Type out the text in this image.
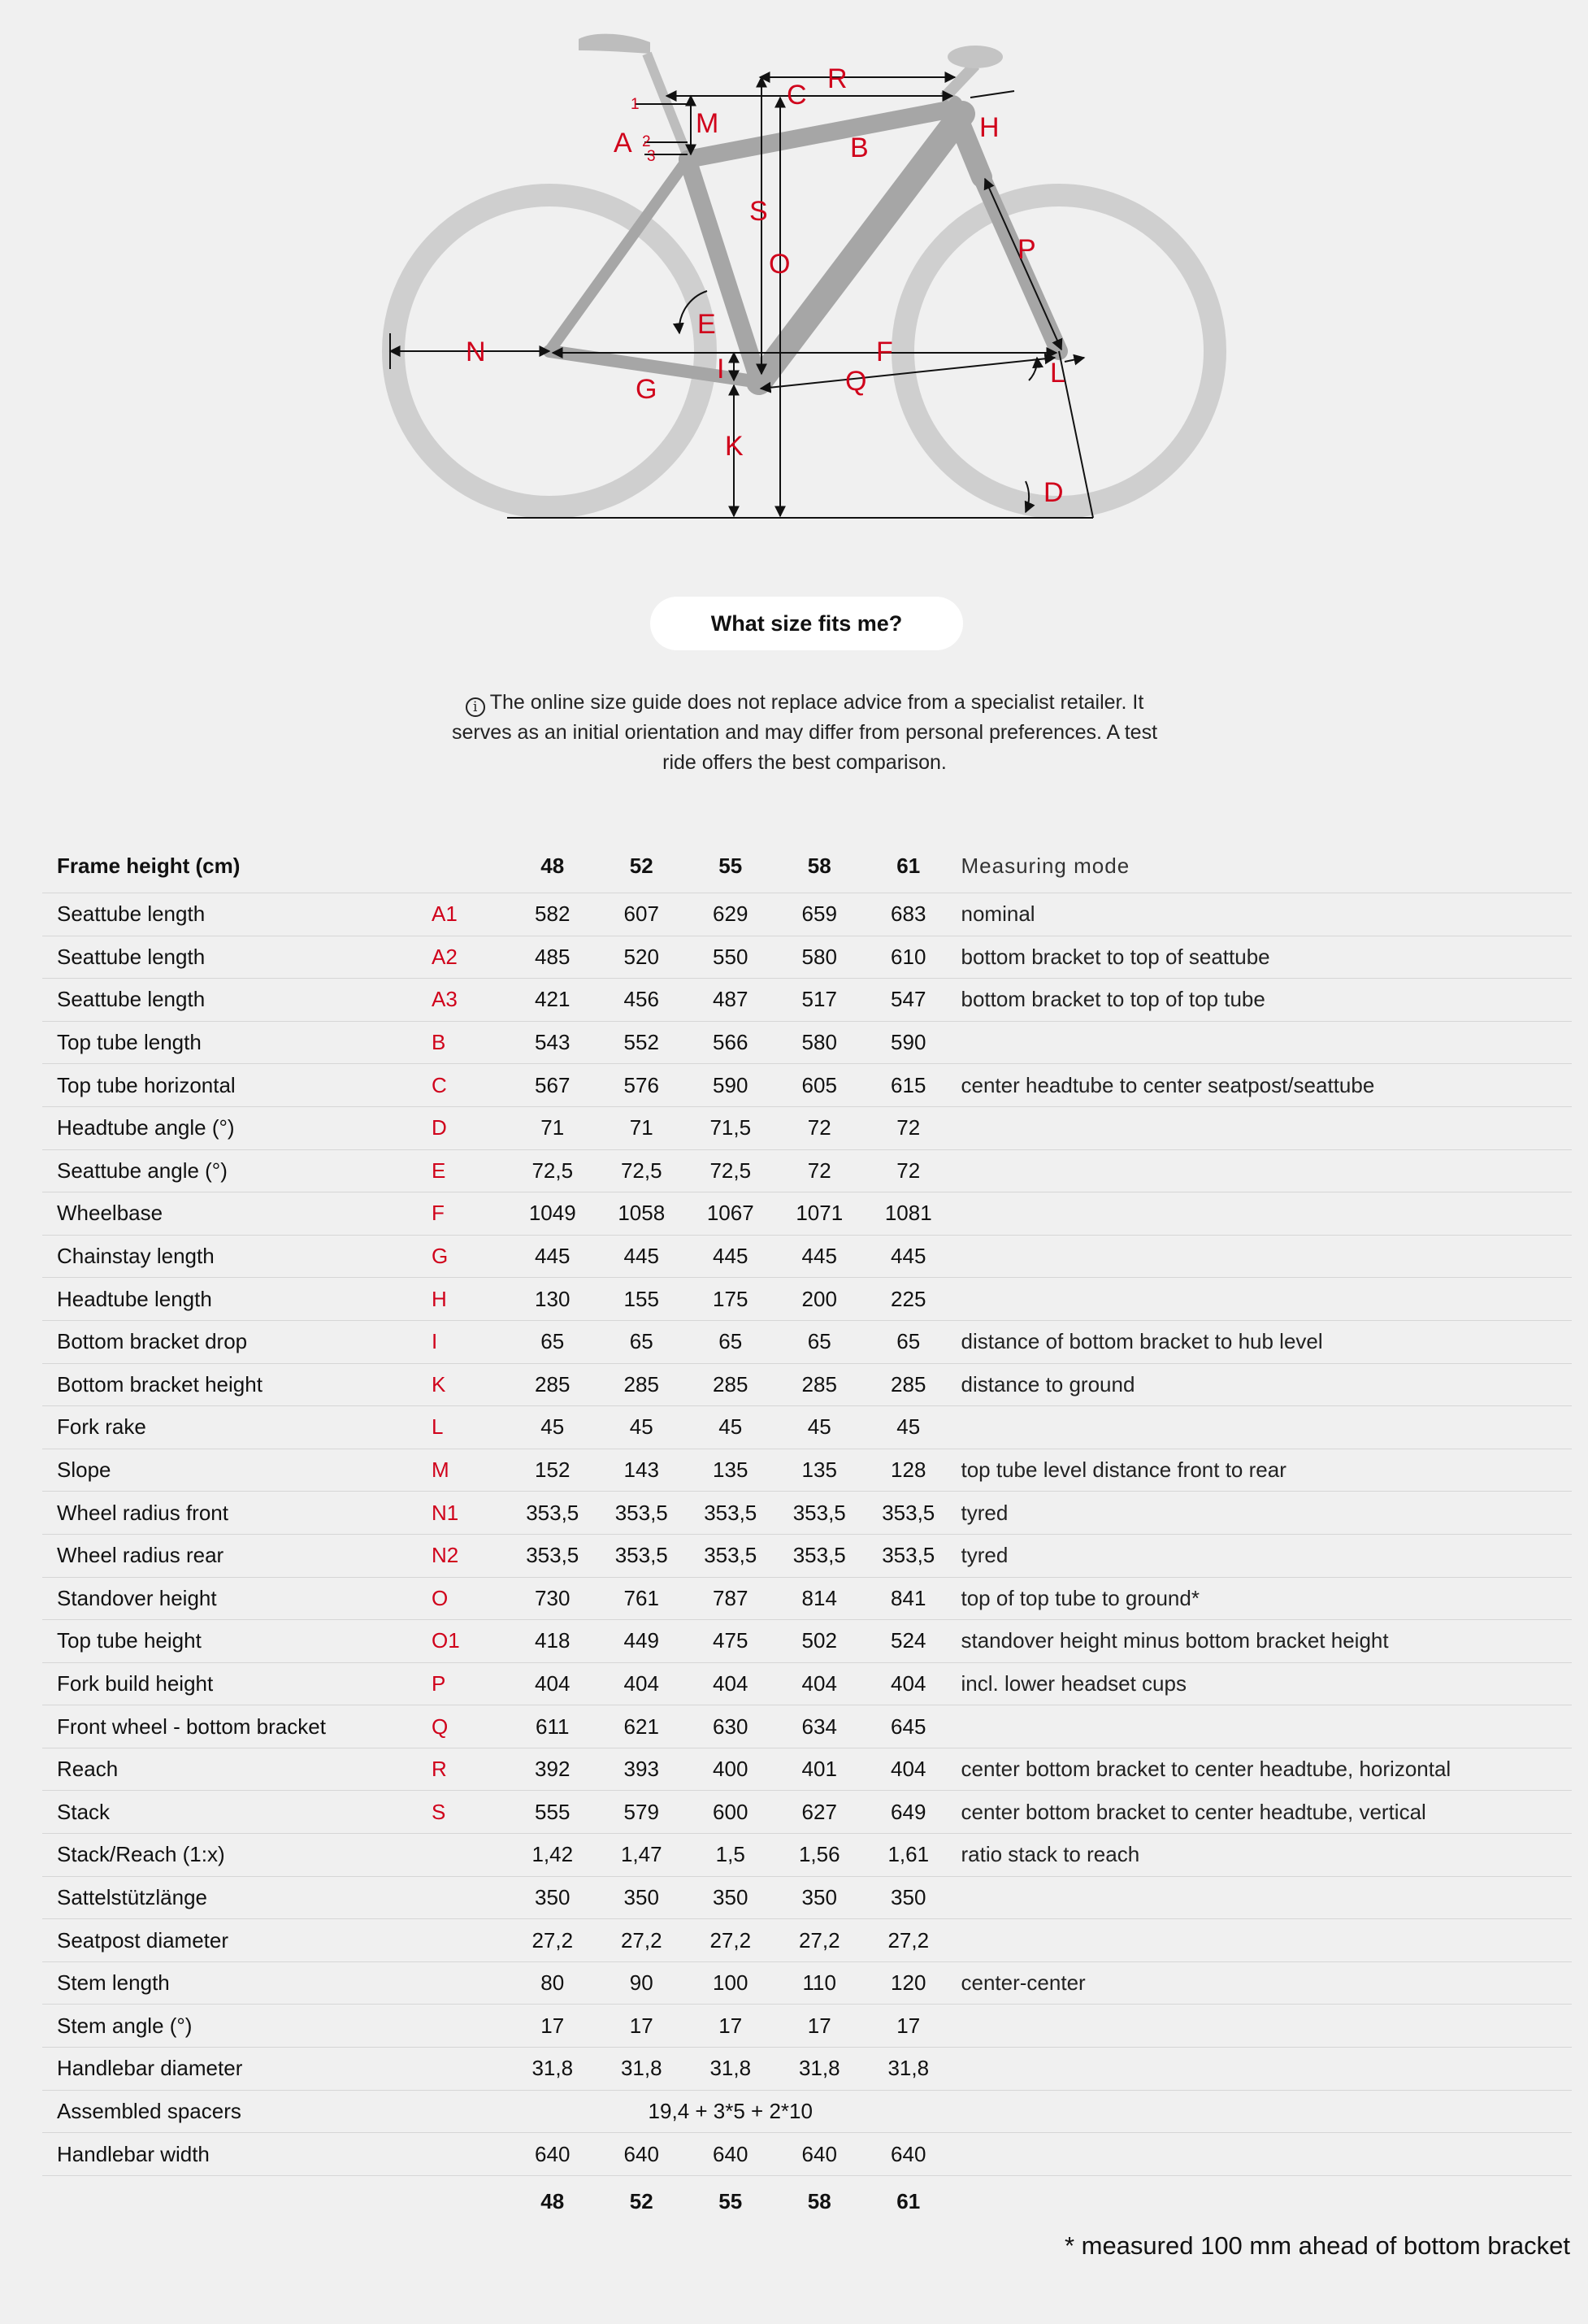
A
1
2
3
M
C
R
B
H
S
O	P
E
F
N
I
G	Q	L
K
D
What size fits me?
i The online size guide does not replace advice from a specialist retailer. It serves as an initial orientation and may differ from personal preferences. A test ride offers the best comparison.
Frame height (cm)		48	52	55	58	61	Measuring mode
Seattube length	A1	582	607	629	659	683	nominal
Seattube length	A2	485	520	550	580	610	bottom bracket to top of seattube
Seattube length	A3	421	456	487	517	547	bottom bracket to top of top tube
Top tube length	B	543	552	566	580	590	
Top tube horizontal	C	567	576	590	605	615	center headtube to center seatpost/seattube
Headtube angle (°)	D	71	71	71,5	72	72	
Seattube angle (°)	E	72,5	72,5	72,5	72	72	
Wheelbase	F	1049	1058	1067	1071	1081	
Chainstay length	G	445	445	445	445	445	
Headtube length	H	130	155	175	200	225	
Bottom bracket drop	I	65	65	65	65	65	distance of bottom bracket to hub level
Bottom bracket height	K	285	285	285	285	285	distance to ground
Fork rake	L	45	45	45	45	45	
Slope	M	152	143	135	135	128	top tube level distance front to rear
Wheel radius front	N1	353,5	353,5	353,5	353,5	353,5	tyred
Wheel radius rear	N2	353,5	353,5	353,5	353,5	353,5	tyred
Standover height	O	730	761	787	814	841	top of top tube to ground*
Top tube height	O1	418	449	475	502	524	standover height minus bottom bracket height
Fork build height	P	404	404	404	404	404	incl. lower headset cups
Front wheel - bottom bracket	Q	611	621	630	634	645	
Reach	R	392	393	400	401	404	center bottom bracket to center headtube, horizontal
Stack	S	555	579	600	627	649	center bottom bracket to center headtube, vertical
Stack/Reach (1:x)		1,42	1,47	1,5	1,56	1,61	ratio stack to reach
Sattelstützlänge		350	350	350	350	350	
Seatpost diameter		27,2	27,2	27,2	27,2	27,2	
Stem length		80	90	100	110	120	center-center
Stem angle (°)		17	17	17	17	17	
Handlebar diameter		31,8	31,8	31,8	31,8	31,8	
Assembled spacers		19,4 + 3*5 + 2*10					
Handlebar width		640	640	640	640	640	
		48	52	55	58	61	
* measured 100 mm ahead of bottom bracket
